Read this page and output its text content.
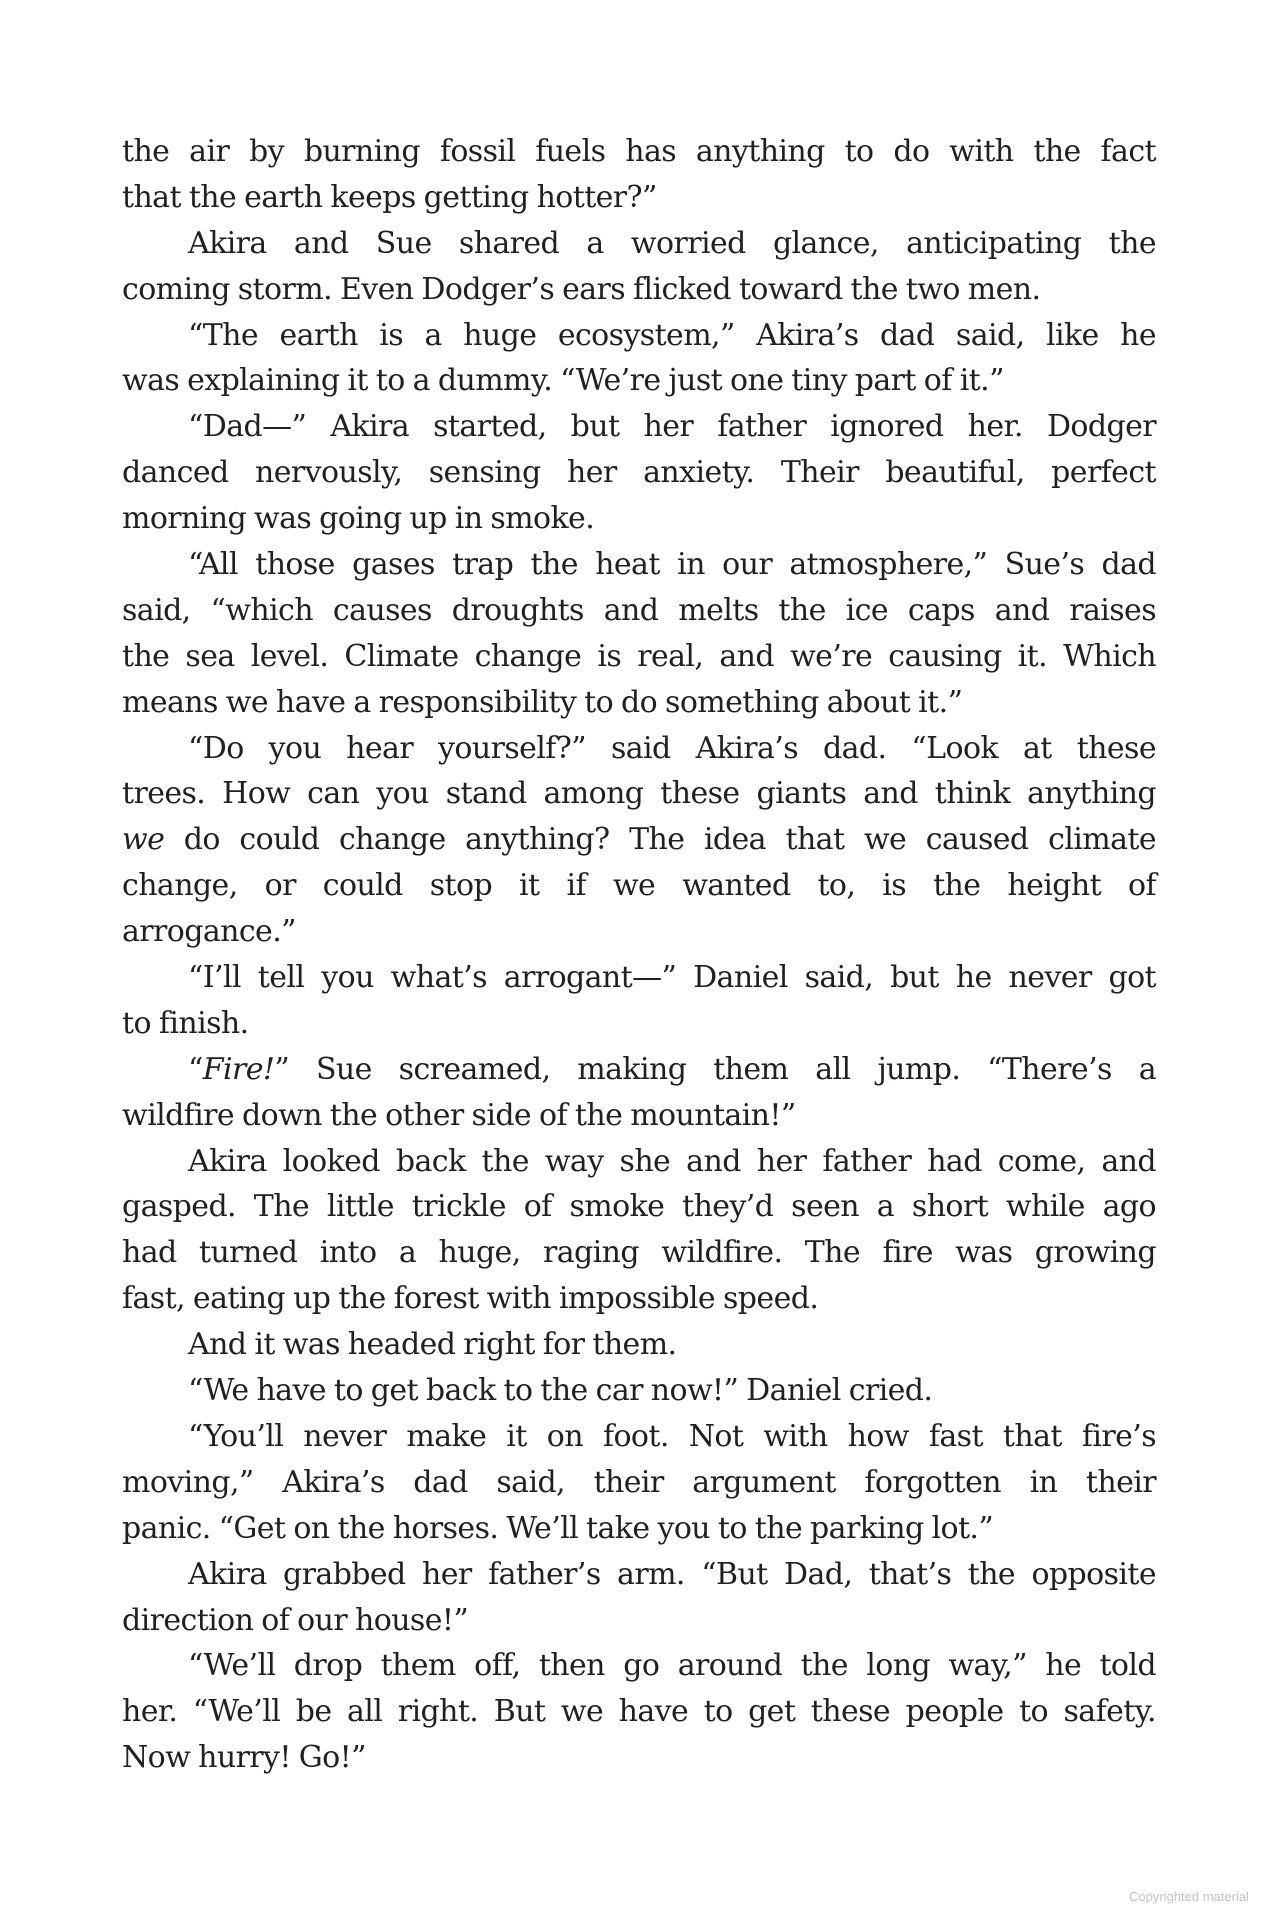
the air by burning fossil fuels has anything to do with the fact
that the earth keeps getting hotter?”
Akira and Sue shared a worried glance, anticipating the
coming storm. Even Dodger’s ears flicked toward the two men.
“The earth is a huge ecosystem,” Akira’s dad said, like he
was explaining it to a dummy. “We’re just one tiny part of it.”
“Dad—” Akira started, but her father ignored her. Dodger
danced nervously, sensing her anxiety. Their beautiful, perfect
morning was going up in smoke.
“All those gases trap the heat in our atmosphere,” Sue’s dad
said, “which causes droughts and melts the ice caps and raises
the sea level. Climate change is real, and we’re causing it. Which
means we have a responsibility to do something about it.”
“Do you hear yourself?” said Akira’s dad. “Look at these
trees. How can you stand among these giants and think anything
we do could change anything? The idea that we caused climate
change, or could stop it if we wanted to, is the height of
arrogance.”
“I’ll tell you what’s arrogant—” Daniel said, but he never got
to finish.
“Fire!” Sue screamed, making them all jump. “There’s a
wildfire down the other side of the mountain!”
Akira looked back the way she and her father had come, and
gasped. The little trickle of smoke they’d seen a short while ago
had turned into a huge, raging wildfire. The fire was growing
fast, eating up the forest with impossible speed.
And it was headed right for them.
“We have to get back to the car now!” Daniel cried.
“You’ll never make it on foot. Not with how fast that fire’s
moving,” Akira’s dad said, their argument forgotten in their
panic. “Get on the horses. We’ll take you to the parking lot.”
Akira grabbed her father’s arm. “But Dad, that’s the opposite
direction of our house!”
“We’ll drop them off, then go around the long way,” he told
her. “We’ll be all right. But we have to get these people to safety.
Now hurry! Go!”
Copyrighted material
